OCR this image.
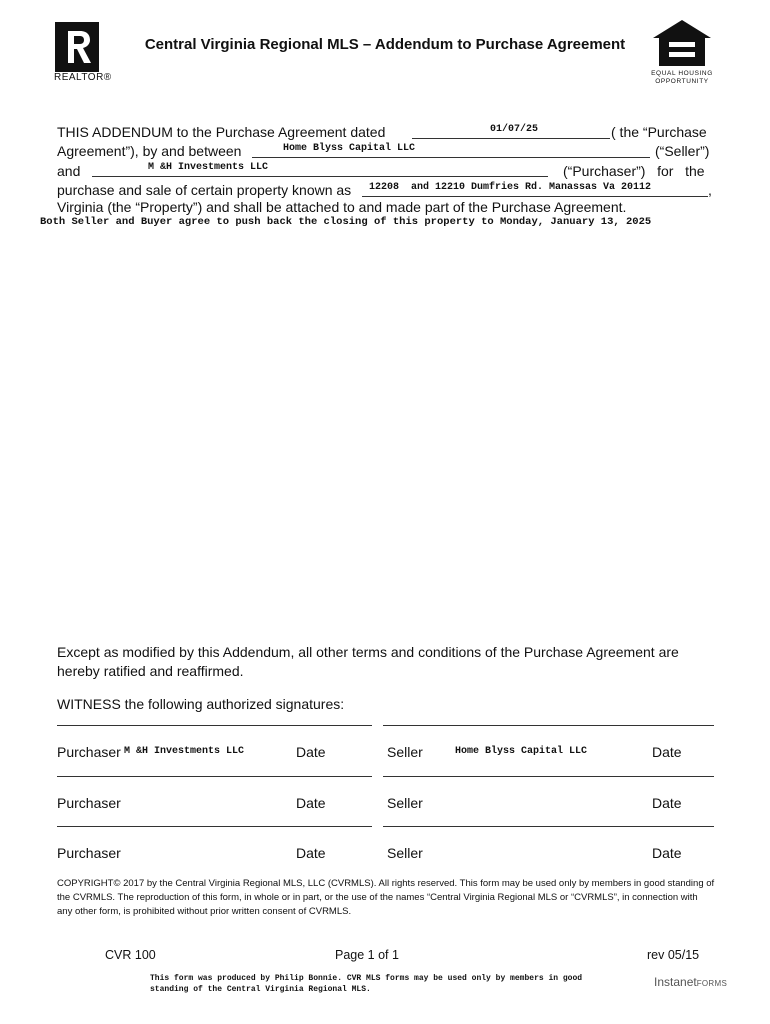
REALTOR®
Central Virginia Regional MLS – Addendum to Purchase Agreement
EQUAL HOUSING
OPPORTUNITY
THIS ADDENDUM to the Purchase Agreement dated	01/07/25	( the “Purchase
Agreement”), by and between	Home Blyss Capital LLC	(“Seller”)
and	M &H Investments LLC	(“Purchaser”)   for   the
purchase and sale of certain property known as 12208  and 12210 Dumfries Rd. Manassas Va 20112	,
Virginia (the “Property”) and shall be attached to and made part of the Purchase Agreement.
Both Seller and Buyer agree to push back the closing of this property to Monday, January 13, 2025
Except as modified by this Addendum, all other terms and conditions of the Purchase Agreement are hereby ratified and reaffirmed.
WITNESS the following authorized signatures:
Purchaser M &H Investments LLC	Date	Seller	Home Blyss Capital LLC	Date
Purchaser	Date	Seller	Date
Purchaser	Date	Seller	Date
COPYRIGHT© 2017 by the Central Virginia Regional MLS, LLC (CVRMLS). All rights reserved. This form may be used only by members in good standing of the CVRMLS. The reproduction of this form, in whole or in part, or the use of the names “Central Virginia Regional MLS or “CVRMLS”, in connection with any other form, is prohibited without prior written consent of CVRMLS.
CVR 100	Page 1 of 1	rev 05/15
This form was produced by Philip Bonnie. CVR MLS forms may be used only by members in good
standing of the Central Virginia Regional MLS.
InstanetFORMS
